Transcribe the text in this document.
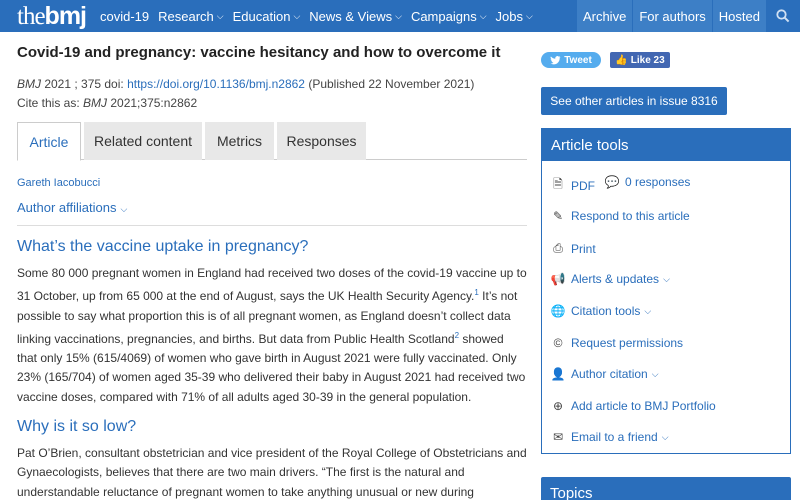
thebmj covid-19 Research ⌵ Education ⌵ News & Views ⌵ Campaigns ⌵ Jobs ⌵	Archive	For authors	Hosted
Covid-19 and pregnancy: vaccine hesitancy and how to overcome it
BMJ 2021 ; 375 doi: https://doi.org/10.1136/bmj.n2862 (Published 22 November 2021)
Cite this as: BMJ 2021;375:n2862
Article	Related content	Metrics	Responses
Gareth Iacobucci
Author affiliations ⌵
What’s the vaccine uptake in pregnancy?
Some 80 000 pregnant women in England had received two doses of the covid-19 vaccine up to 31 October, up from 65 000 at the end of August, says the UK Health Security Agency.$^1$ It’s not possible to say what proportion this is of all pregnant women, as England doesn’t collect data linking vaccinations, pregnancies, and births. But data from Public Health Scotland$^2$ showed that only 15% (615/4069) of women who gave birth in August 2021 were fully vaccinated. Only 23% (165/704) of women aged 35-39 who delivered their baby in August 2021 had received two vaccine doses, compared with 71% of all adults aged 30-39 in the general population.
Why is it so low?
Pat O’Brien, consultant obstetrician and vice president of the Royal College of Obstetricians and Gynaecologists, believes that there are two main drivers. “The first is the natural and understandable reluctance of pregnant women to take anything unusual or new during
Tweet 👍 Like 23
See other articles in issue 8316
Article tools
🗎 PDF 💬 0 responses
✎ Respond to this article
⎙ Print
📢 Alerts & updates ⌵
🌐 Citation tools ⌵
© Request permissions
👤 Author citation ⌵
⊕ Add article to BMJ Portfolio
✉ Email to a friend ⌵
Topics
